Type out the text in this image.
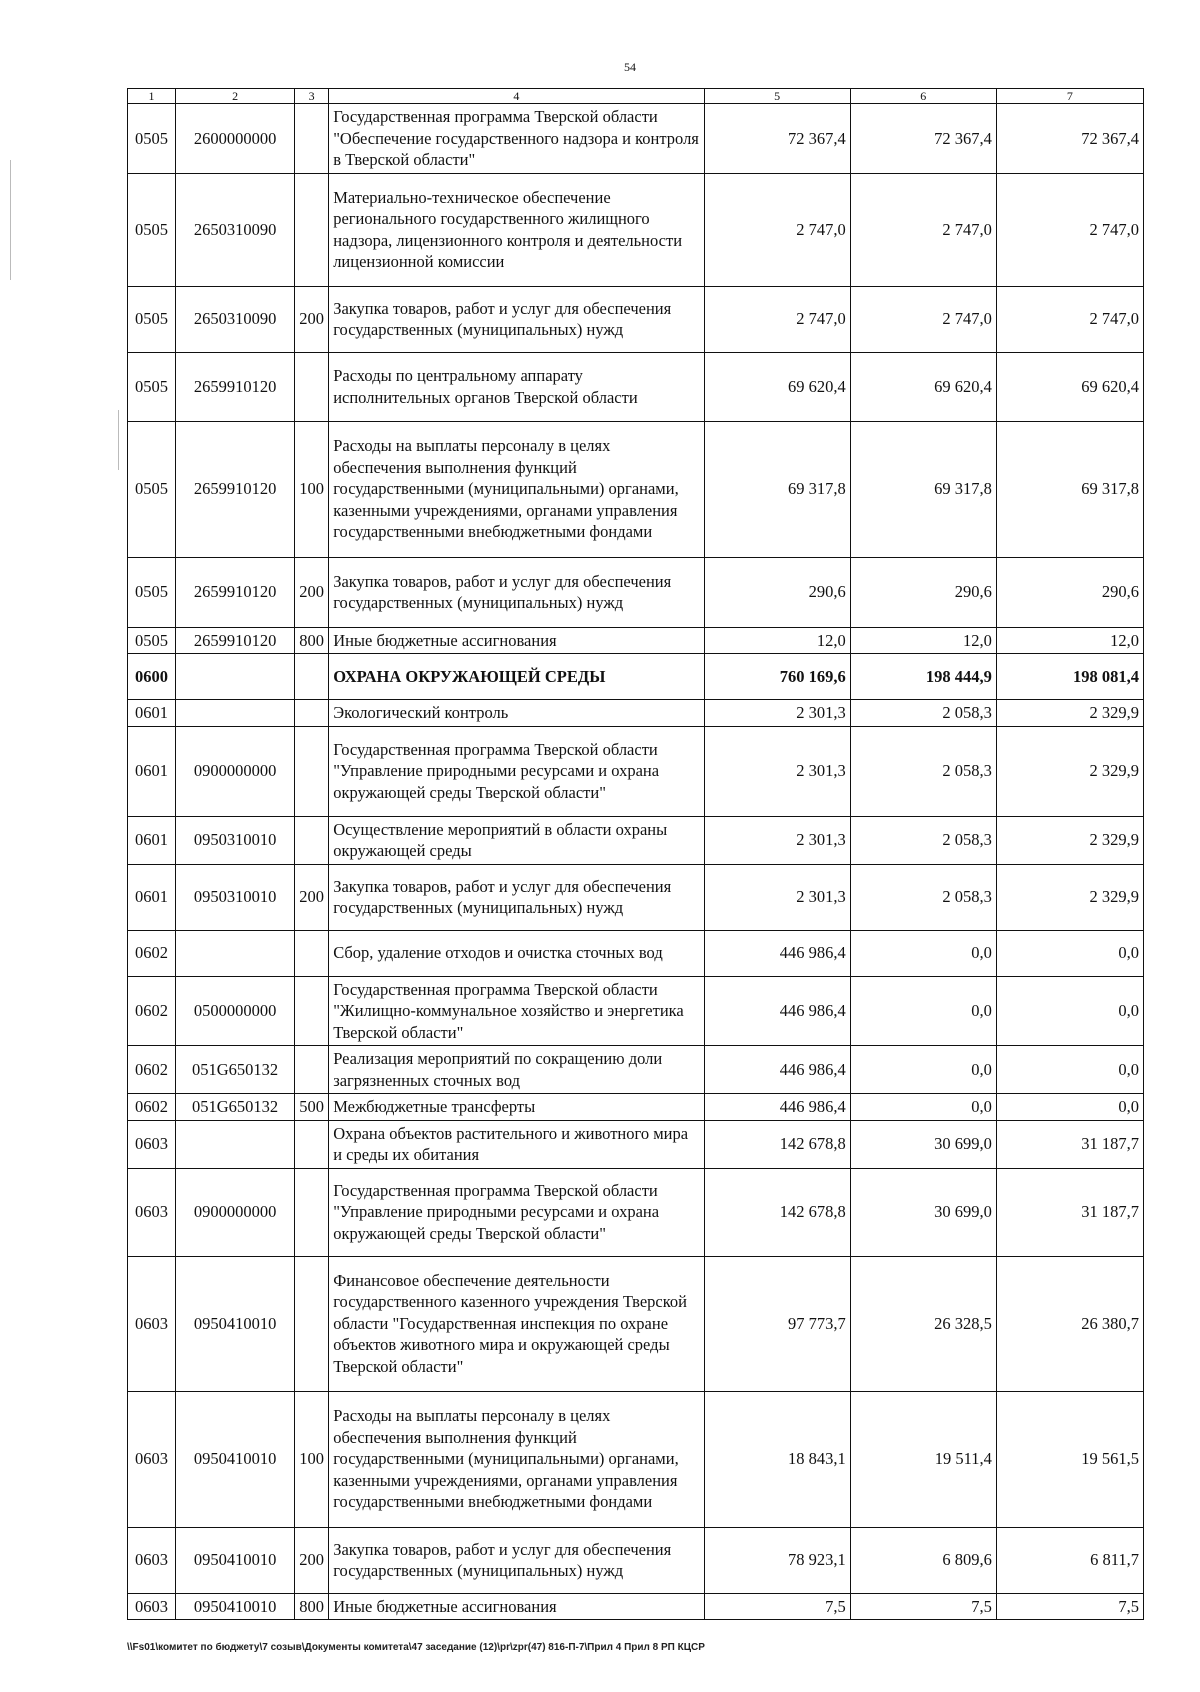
54
1	2	3	4	5	6	7
0505	2600000000		Государственная программа Тверской области "Обеспечение государственного надзора и контроля в Тверской области"	72 367,4	72 367,4	72 367,4
0505	2650310090		Материально-техническое обеспечение регионального государственного жилищного надзора, лицензионного контроля и деятельности лицензионной комиссии	2 747,0	2 747,0	2 747,0
0505	2650310090	200	Закупка товаров, работ и услуг для обеспечения государственных (муниципальных) нужд	2 747,0	2 747,0	2 747,0
0505	2659910120		Расходы по центральному аппарату исполнительных органов Тверской области	69 620,4	69 620,4	69 620,4
0505	2659910120	100	Расходы на выплаты персоналу в целях обеспечения выполнения функций государственными (муниципальными) органами, казенными учреждениями, органами управления государственными внебюджетными фондами	69 317,8	69 317,8	69 317,8
0505	2659910120	200	Закупка товаров, работ и услуг для обеспечения государственных (муниципальных) нужд	290,6	290,6	290,6
0505	2659910120	800	Иные бюджетные ассигнования	12,0	12,0	12,0
0600			ОХРАНА ОКРУЖАЮЩЕЙ СРЕДЫ	760 169,6	198 444,9	198 081,4
0601			Экологический контроль	2 301,3	2 058,3	2 329,9
0601	0900000000		Государственная программа Тверской области "Управление природными ресурсами и охрана окружающей среды Тверской области"	2 301,3	2 058,3	2 329,9
0601	0950310010		Осуществление мероприятий в области охраны окружающей среды	2 301,3	2 058,3	2 329,9
0601	0950310010	200	Закупка товаров, работ и услуг для обеспечения государственных (муниципальных) нужд	2 301,3	2 058,3	2 329,9
0602			Сбор, удаление отходов и очистка сточных вод	446 986,4	0,0	0,0
0602	0500000000		Государственная программа Тверской области "Жилищно-коммунальное хозяйство и энергетика Тверской области"	446 986,4	0,0	0,0
0602	051G650132		Реализация мероприятий по сокращению доли загрязненных сточных вод	446 986,4	0,0	0,0
0602	051G650132	500	Межбюджетные трансферты	446 986,4	0,0	0,0
0603			Охрана объектов растительного и животного мира и среды их обитания	142 678,8	30 699,0	31 187,7
0603	0900000000		Государственная программа Тверской области "Управление природными ресурсами и охрана окружающей среды Тверской области"	142 678,8	30 699,0	31 187,7
0603	0950410010		Финансовое обеспечение деятельности государственного казенного учреждения Тверской области "Государственная инспекция по охране объектов животного мира и окружающей среды Тверской области"	97 773,7	26 328,5	26 380,7
0603	0950410010	100	Расходы на выплаты персоналу в целях обеспечения выполнения функций государственными (муниципальными) органами, казенными учреждениями, органами управления государственными внебюджетными фондами	18 843,1	19 511,4	19 561,5
0603	0950410010	200	Закупка товаров, работ и услуг для обеспечения государственных (муниципальных) нужд	78 923,1	6 809,6	6 811,7
0603	0950410010	800	Иные бюджетные ассигнования	7,5	7,5	7,5
\\Fs01\комитет по бюджету\7 созыв\Документы комитета\47 заседание (12)\pr\zpr(47) 816-П-7\Прил 4 Прил 8 РП КЦСР
